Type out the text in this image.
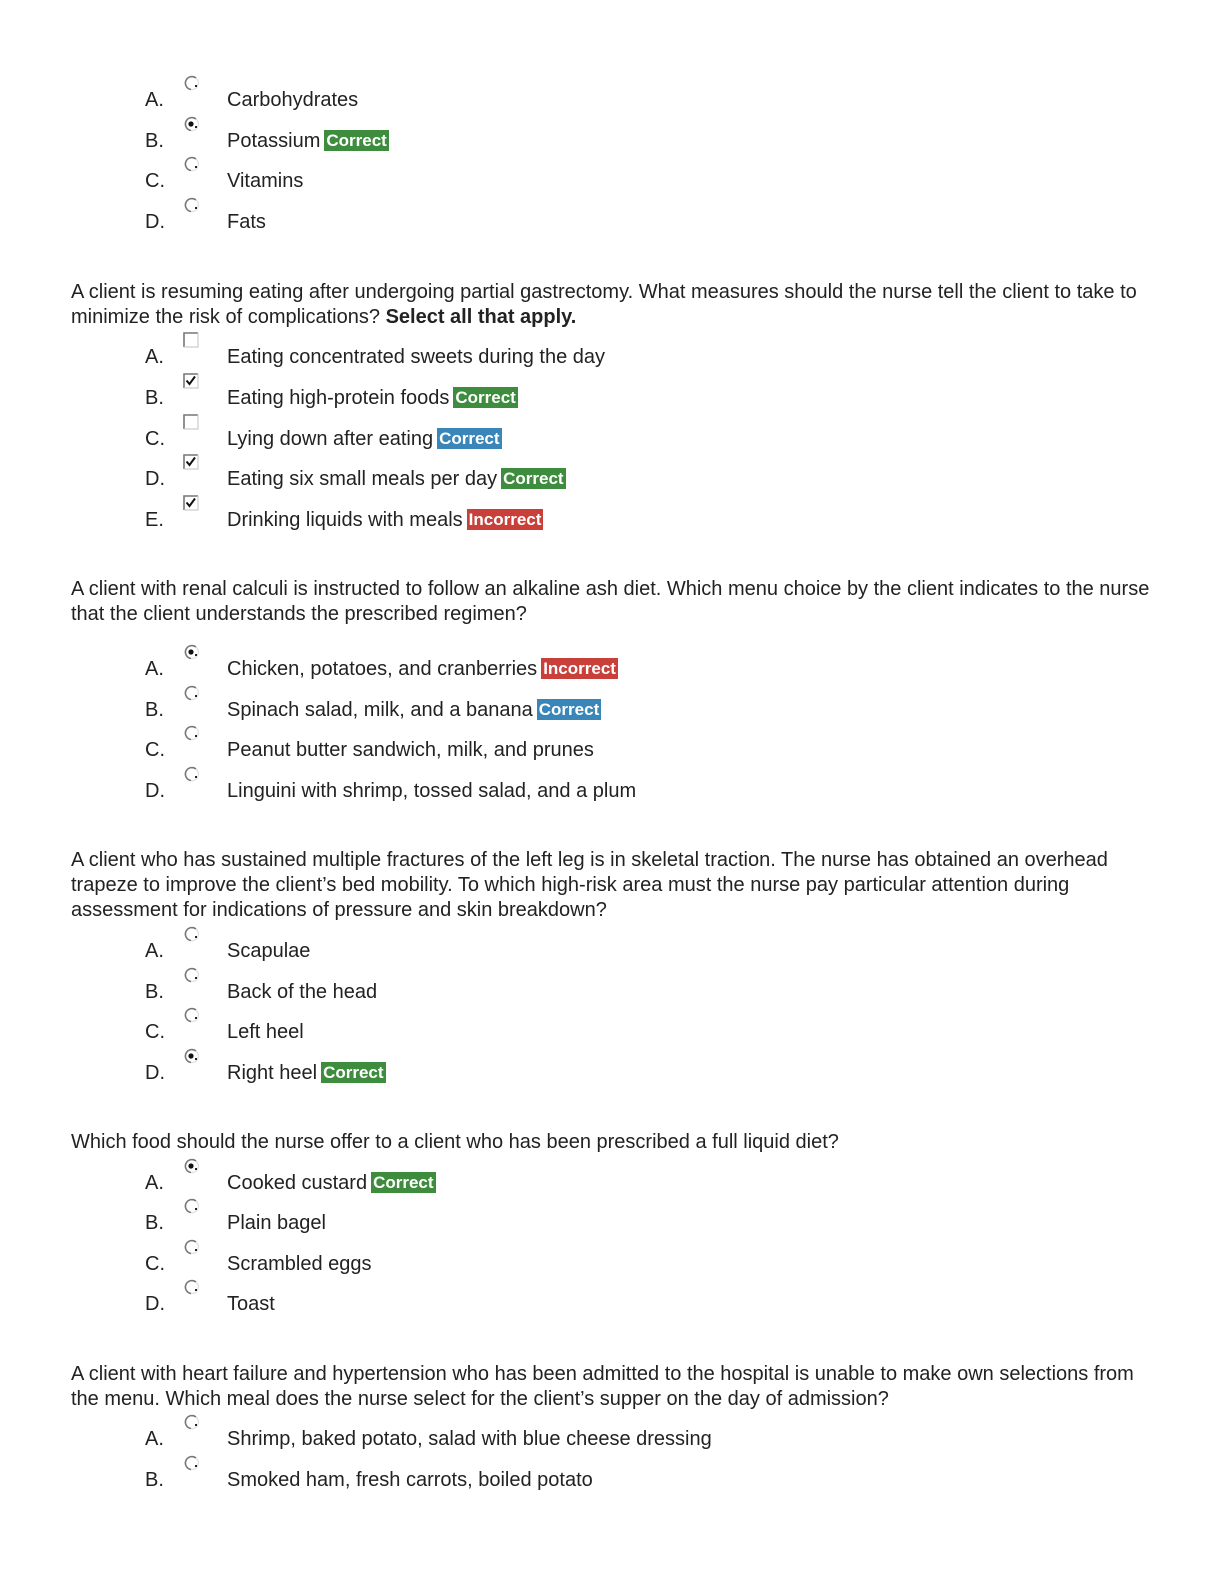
A.	Carbohydrates
B.	Potassium Correct
C.	Vitamins
D.	Fats
A client is resuming eating after undergoing partial gastrectomy. What measures should the nurse tell the client to take to minimize the risk of complications? Select all that apply.
A.	Eating concentrated sweets during the day
B.	Eating high-protein foods Correct
C.	Lying down after eating Correct
D.	Eating six small meals per day Correct
E.	Drinking liquids with meals Incorrect
A client with renal calculi is instructed to follow an alkaline ash diet. Which menu choice by the client indicates to the nurse that the client understands the prescribed regimen?
A.	Chicken, potatoes, and cranberries Incorrect
B.	Spinach salad, milk, and a banana Correct
C.	Peanut butter sandwich, milk, and prunes
D.	Linguini with shrimp, tossed salad, and a plum
A client who has sustained multiple fractures of the left leg is in skeletal traction. The nurse has obtained an overhead trapeze to improve the client’s bed mobility. To which high-risk area must the nurse pay particular attention during assessment for indications of pressure and skin breakdown?
A.	Scapulae
B.	Back of the head
C.	Left heel
D.	Right heel Correct
Which food should the nurse offer to a client who has been prescribed a full liquid diet?
A.	Cooked custard Correct
B.	Plain bagel
C.	Scrambled eggs
D.	Toast
A client with heart failure and hypertension who has been admitted to the hospital is unable to make own selections from the menu. Which meal does the nurse select for the client’s supper on the day of admission?
A.	Shrimp, baked potato, salad with blue cheese dressing
B.	Smoked ham, fresh carrots, boiled potato
